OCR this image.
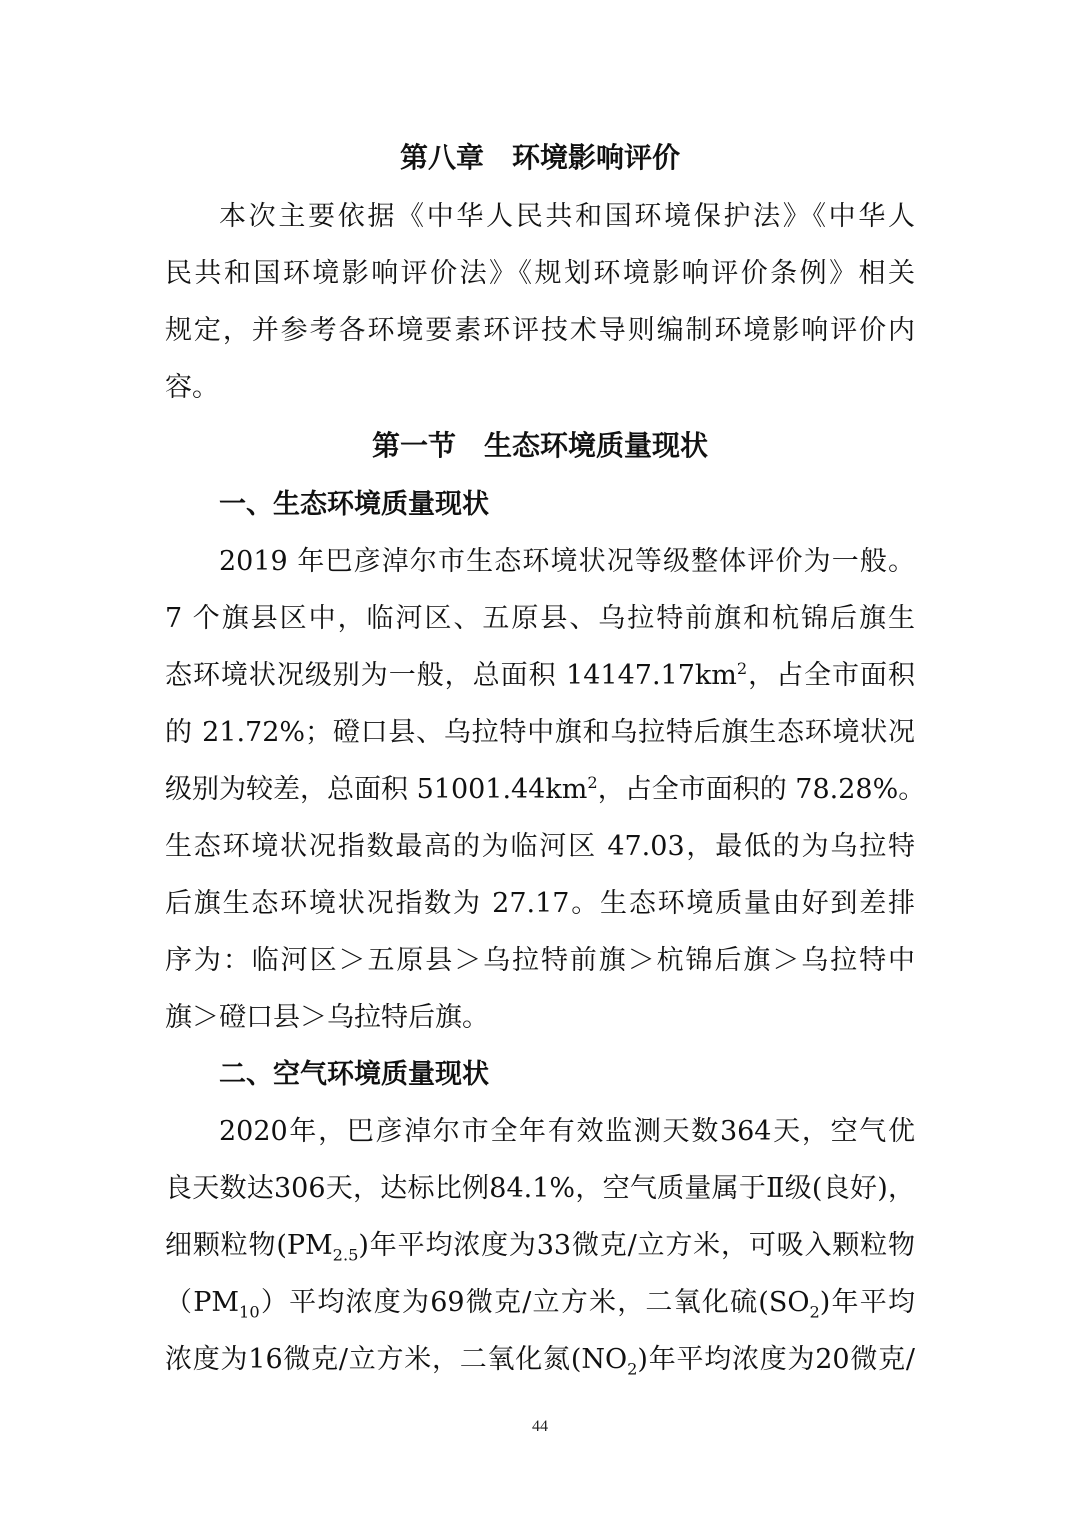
第八章　环境影响评价
本次主要依据《中华人民共和国环境保护法》《中华人
民共和国环境影响评价法》《规划环境影响评价条例》相关
规定，并参考各环境要素环评技术导则编制环境影响评价内
容。
第一节　生态环境质量现状
一、生态环境质量现状
2019 年巴彦淖尔市生态环境状况等级整体评价为一般。
7 个旗县区中，临河区、五原县、乌拉特前旗和杭锦后旗生
态环境状况级别为一般，总面积 $14147.17km^2$，占全市面积
的 21.72%；磴口县、乌拉特中旗和乌拉特后旗生态环境状况
级别为较差，总面积 $51001.44km^2$，占全市面积的 78.28%。
生态环境状况指数最高的为临河区 47.03，最低的为乌拉特
后旗生态环境状况指数为 27.17。生态环境质量由好到差排
序为：临河区＞五原县＞乌拉特前旗＞杭锦后旗＞乌拉特中
旗＞磴口县＞乌拉特后旗。
二、空气环境质量现状
2020年，巴彦淖尔市全年有效监测天数364天，空气优
良天数达306天，达标比例84.1%，空气质量属于Ⅱ级(良好)，
细颗粒物$(PM_{2.5})$年平均浓度为33微克/立方米，可吸入颗粒物
$(PM_{10})$平均浓度为69微克/立方米，二氧化硫$(SO_2)$年平均
浓度为16微克/立方米，二氧化氮$(NO_2)$年平均浓度为20微克/
44
